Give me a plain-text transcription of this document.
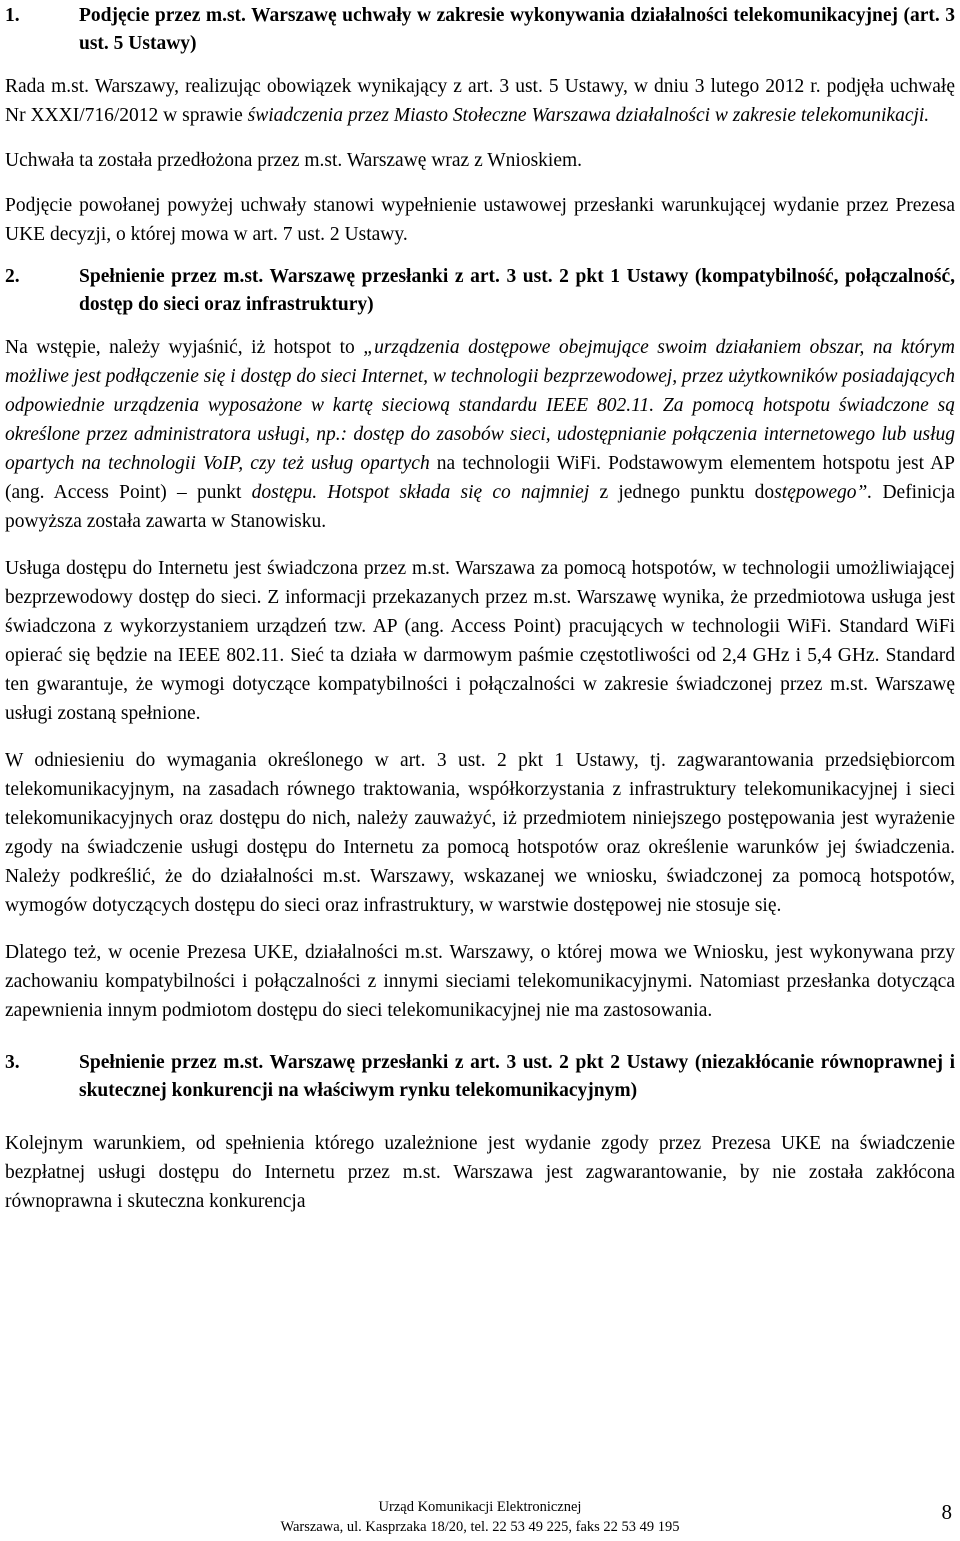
1.	Podjęcie przez m.st. Warszawę uchwały w zakresie wykonywania działalności telekomunikacyjnej (art. 3 ust. 5 Ustawy)

Rada m.st. Warszawy, realizując obowiązek wynikający z art. 3 ust. 5 Ustawy, w dniu 3 lutego 2012 r. podjęła uchwałę Nr XXXI/716/2012 w sprawie świadczenia przez Miasto Stołeczne Warszawa działalności w zakresie telekomunikacji.

Uchwała ta została przedłożona przez m.st. Warszawę wraz z Wnioskiem.

Podjęcie powołanej powyżej uchwały stanowi wypełnienie ustawowej przesłanki warunkującej wydanie przez Prezesa UKE decyzji, o której mowa w art. 7 ust. 2 Ustawy.

2.	Spełnienie przez m.st. Warszawę przesłanki z art. 3 ust. 2 pkt 1 Ustawy (kompatybilność, połączalność, dostęp do sieci oraz infrastruktury)

Na wstępie, należy wyjaśnić, iż hotspot to „urządzenia dostępowe obejmujące swoim działaniem obszar, na którym możliwe jest podłączenie się i dostęp do sieci Internet, w technologii bezprzewodowej, przez użytkowników posiadających odpowiednie urządzenia wyposażone w kartę sieciową standardu IEEE 802.11. Za pomocą hotspotu świadczone są określone przez administratora usługi, np.: dostęp do zasobów sieci, udostępnianie połączenia internetowego lub usług opartych na technologii VoIP, czy też usług opartych na technologii WiFi. Podstawowym elementem hotspotu jest AP (ang. Access Point) – punkt dostępu. Hotspot składa się co najmniej z jednego punktu dostępowego”. Definicja powyższa została zawarta w Stanowisku.

Usługa dostępu do Internetu jest świadczona przez m.st. Warszawa za pomocą hotspotów, w technologii umożliwiającej bezprzewodowy dostęp do sieci. Z informacji przekazanych przez m.st. Warszawę wynika, że przedmiotowa usługa jest świadczona z wykorzystaniem urządzeń tzw. AP (ang. Access Point) pracujących w technologii WiFi. Standard WiFi opierać się będzie na IEEE 802.11. Sieć ta działa w darmowym paśmie częstotliwości od 2,4 GHz i 5,4 GHz. Standard ten gwarantuje, że wymogi dotyczące kompatybilności i połączalności w zakresie świadczonej przez m.st. Warszawę usługi zostaną spełnione.

W odniesieniu do wymagania określonego w art. 3 ust. 2 pkt 1 Ustawy, tj. zagwarantowania przedsiębiorcom telekomunikacyjnym, na zasadach równego traktowania, współkorzystania z infrastruktury telekomunikacyjnej i sieci telekomunikacyjnych oraz dostępu do nich, należy zauważyć, iż przedmiotem niniejszego postępowania jest wyrażenie zgody na świadczenie usługi dostępu do Internetu za pomocą hotspotów oraz określenie warunków jej świadczenia. Należy podkreślić, że do działalności m.st. Warszawy, wskazanej we wniosku, świadczonej za pomocą hotspotów, wymogów dotyczących dostępu do sieci oraz infrastruktury, w warstwie dostępowej nie stosuje się.

Dlatego też, w ocenie Prezesa UKE, działalności m.st. Warszawy, o której mowa we Wniosku, jest wykonywana przy zachowaniu kompatybilności i połączalności z innymi sieciami telekomunikacyjnymi. Natomiast przesłanka dotycząca zapewnienia innym podmiotom dostępu do sieci telekomunikacyjnej nie ma zastosowania.

3.	Spełnienie przez m.st. Warszawę przesłanki z art. 3 ust. 2 pkt 2 Ustawy (niezakłócanie równoprawnej i skutecznej konkurencji na właściwym rynku telekomunikacyjnym)

Kolejnym warunkiem, od spełnienia którego uzależnione jest wydanie zgody przez Prezesa UKE na świadczenie bezpłatnej usługi dostępu do Internetu przez m.st. Warszawa jest zagwarantowanie, by nie została zakłócona równoprawna i skuteczna konkurencja

Urząd Komunikacji Elektronicznej
Warszawa, ul. Kasprzaka 18/20, tel. 22 53 49 225, faks 22 53 49 195
8
